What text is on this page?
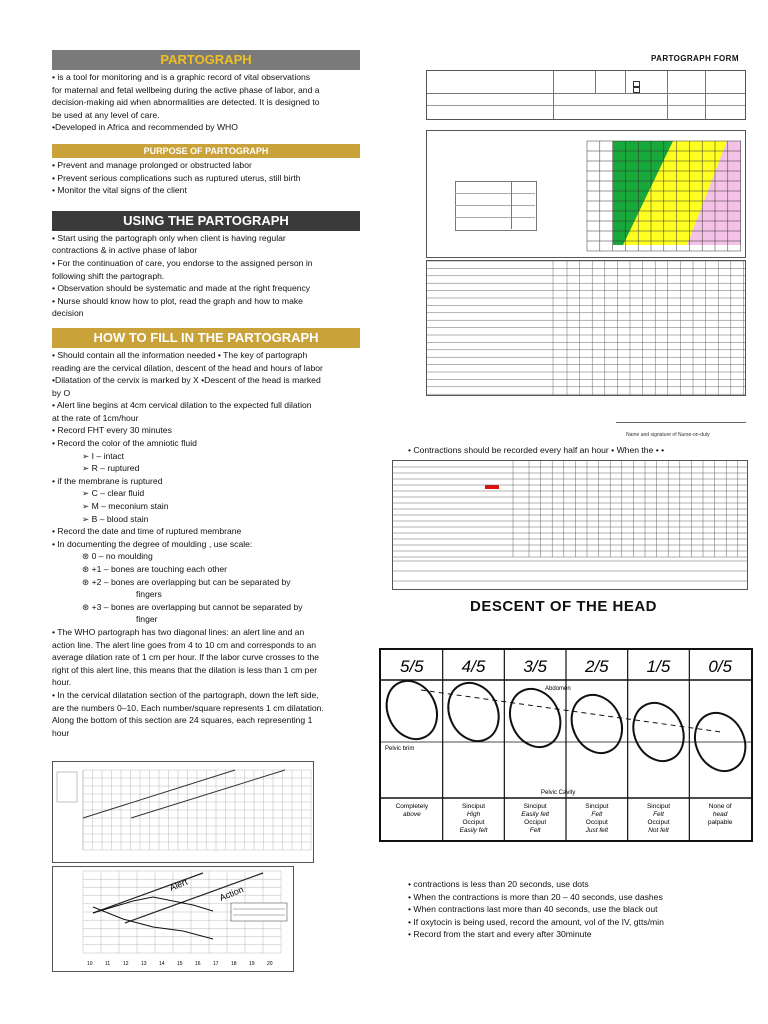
PARTOGRAPH

• is a tool for monitoring and is a graphic record of vital observations

for maternal and fetal wellbeing during the active phase of labor, and a

decision-making aid when abnormalities are detected. It is designed to

be used at any level of care.

•Developed in Africa and recommended by WHO

PURPOSE OF PARTOGRAPH

• Prevent and manage prolonged or obstructed labor

• Prevent serious complications such as ruptured uterus, still birth

• Monitor the vital signs of the client

USING THE PARTOGRAPH

• Start using the partograph only when client is having regular

contractions & in active phase of labor

• For the continuation of care, you endorse to the assigned person in

following shift the partograph.

• Observation should be systematic and made at the right frequency

• Nurse should know how to plot, read the graph and how to make

decision

HOW TO FILL IN THE PARTOGRAPH

• Should contain all the information needed • The key of partograph

reading are the cervical dilation, descent of the head and hours of labor

•Dilatation of the cervix is marked by X •Descent of the head is marked

by O

• Alert line begins at 4cm cervical dilation to the expected full dilation

at the rate of 1cm/hour

• Record FHT every 30 minutes

• Record the color of the amniotic fluid

➢ I – intact

➢ R – ruptured

• if the membrane is ruptured

➢ C – clear fluid

➢ M – meconium stain

➢ B – blood stain

• Record the date and time of ruptured membrane

• In documenting the degree of moulding , use scale:

⊛ 0 – no moulding

⊛ +1 – bones are touching each other

⊛ +2 – bones are overlapping but can be separated by

fingers

⊛ +3 – bones are overlapping but cannot be separated by

finger

• The WHO partograph has two diagonal lines: an alert line and an

action line. The alert line goes from 4 to 10 cm and corresponds to an

average dilation rate of 1 cm per hour. If the labor curve crosses to the

right of this alert line, this means that the dilation is less than 1 cm per

hour.

• In the cervical dilatation section of the partograph, down the left side,

are the numbers 0–10. Each number/square represents 1 cm dilatation.

Along the bottom of this section are 24 squares, each representing 1

hour

Alert	Action
10 11	12 13 14 15 16 17 18 19 20
PARTOGRAPH FORM
Name and signature of Nurse-on-duty
• Contractions should be recorded every half an hour • When the • •
DESCENT OF THE HEAD
5/5
Completely
above
4/5
Sinciput
High
Occiput
Easily felt
3/5
Sinciput
Easily felt
Occiput
Felt
2/5
Sinciput
Felt
Occiput
Just felt
1/5
Sinciput
Felt
Occiput
Not felt
0/5
None of
head
palpable
Abdomen
Pelvic brim
Pelvic Cavity

• contractions is less than 20 seconds, use dots

• When the contractions is more than 20 – 40 seconds, use dashes

• When contractions last more than 40 seconds, use the black out

• If oxytocin is being used, record the amount, vol of the IV, gtts/min

• Record from the start and every after 30minute
